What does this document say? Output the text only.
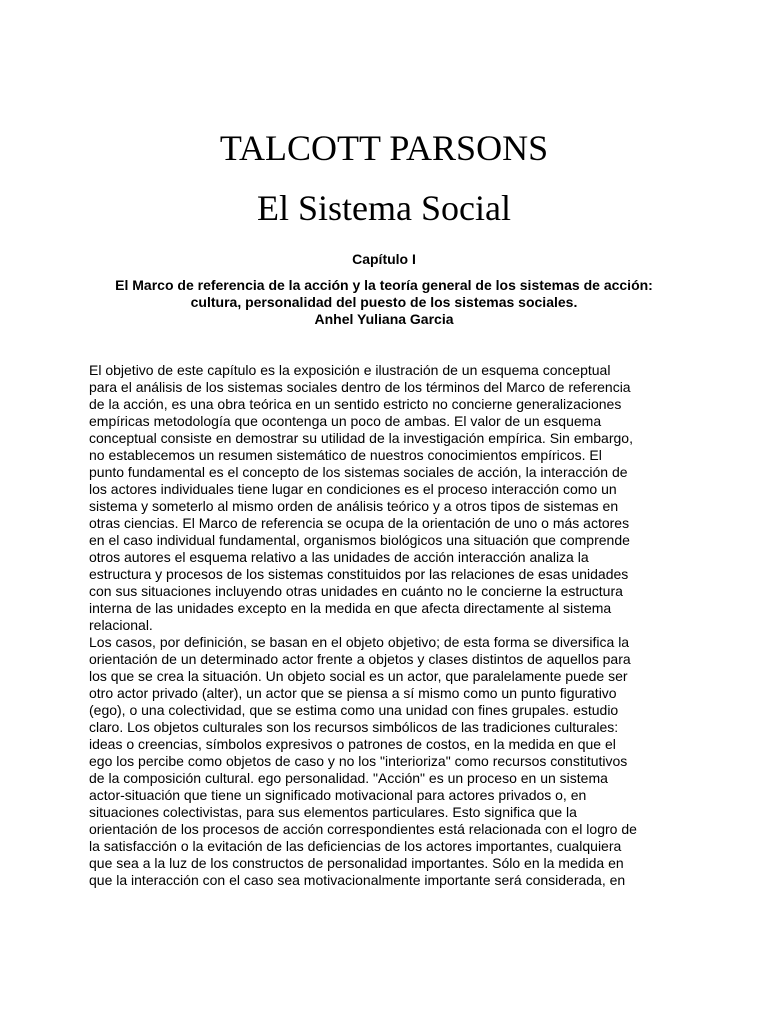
TALCOTT PARSONS
El Sistema Social
Capítulo I
El Marco de referencia de la acción y la teoría general de los sistemas de acción:
cultura, personalidad del puesto de los sistemas sociales.
Anhel Yuliana Garcia
El objetivo de este capítulo es la exposición e ilustración de un esquema conceptual
para el análisis de los sistemas sociales dentro de los términos del Marco de referencia
de la acción, es una obra teórica en un sentido estricto no concierne generalizaciones
empíricas metodología que ocontenga un poco de ambas. El valor de un esquema
conceptual consiste en demostrar su utilidad de la investigación empírica. Sin embargo,
no establecemos un resumen sistemático de nuestros conocimientos empíricos. El
punto fundamental es el concepto de los sistemas sociales de acción, la interacción de
los actores individuales tiene lugar en condiciones es el proceso interacción como un
sistema y someterlo al mismo orden de análisis teórico y a otros tipos de sistemas en
otras ciencias. El Marco de referencia se ocupa de la orientación de uno o más actores
en el caso individual fundamental, organismos biológicos una situación que comprende
otros autores el esquema relativo a las unidades de acción interacción analiza la
estructura y procesos de los sistemas constituidos por las relaciones de esas unidades
con sus situaciones incluyendo otras unidades en cuánto no le concierne la estructura
interna de las unidades excepto en la medida en que afecta directamente al sistema
relacional.
Los casos, por definición, se basan en el objeto objetivo; de esta forma se diversifica la
orientación de un determinado actor frente a objetos y clases distintos de aquellos para
los que se crea la situación. Un objeto social es un actor, que paralelamente puede ser
otro actor privado (alter), un actor que se piensa a sí mismo como un punto figurativo
(ego), o una colectividad, que se estima como una unidad con fines grupales. estudio
claro. Los objetos culturales son los recursos simbólicos de las tradiciones culturales:
ideas o creencias, símbolos expresivos o patrones de costos, en la medida en que el
ego los percibe como objetos de caso y no los "interioriza" como recursos constitutivos
de la composición cultural. ego personalidad. "Acción" es un proceso en un sistema
actor-situación que tiene un significado motivacional para actores privados o, en
situaciones colectivistas, para sus elementos particulares. Esto significa que la
orientación de los procesos de acción correspondientes está relacionada con el logro de
la satisfacción o la evitación de las deficiencias de los actores importantes, cualquiera
que sea a la luz de los constructos de personalidad importantes. Sólo en la medida en
que la interacción con el caso sea motivacionalmente importante será considerada, en
